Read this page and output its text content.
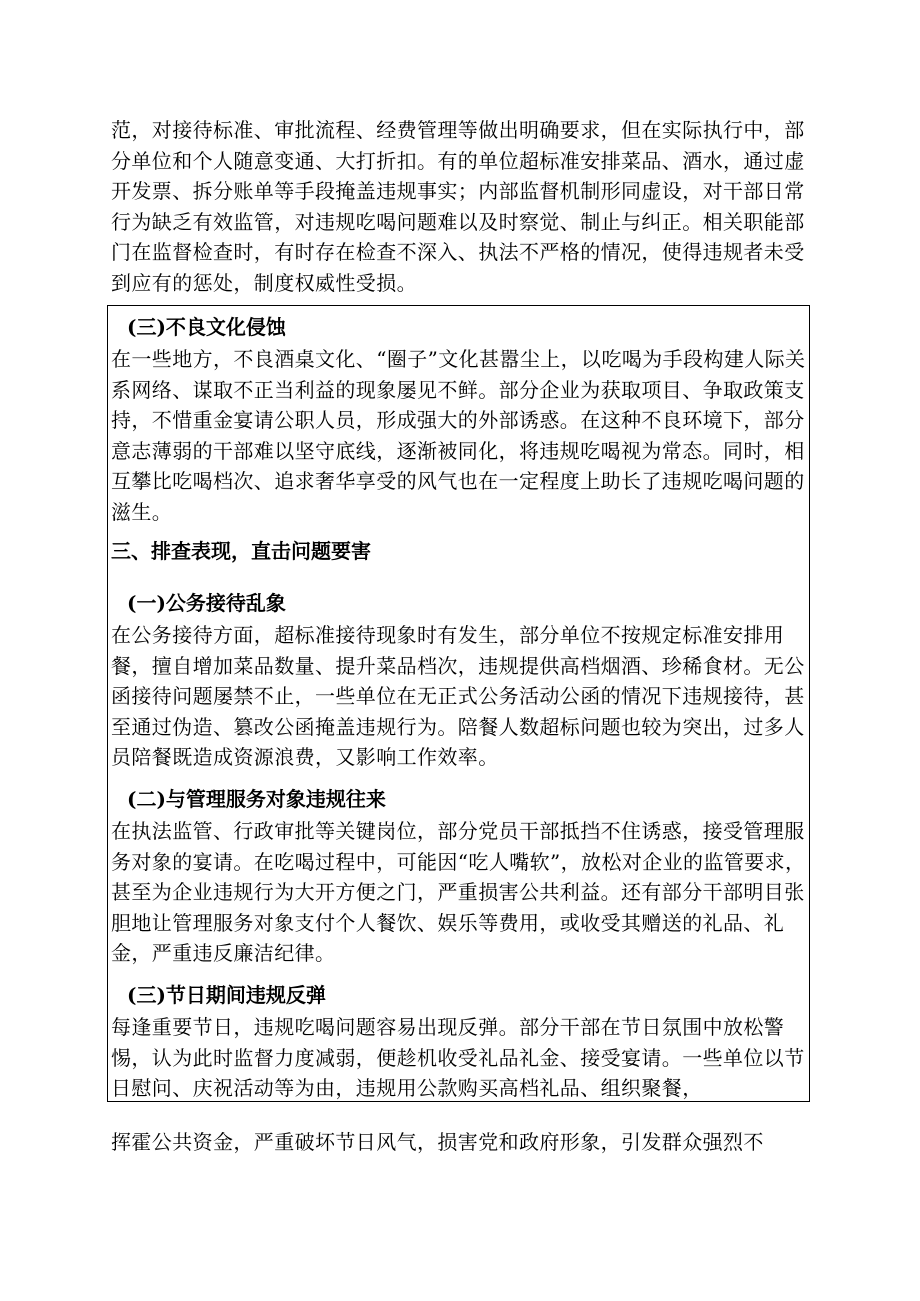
范，对接待标准、审批流程、经费管理等做出明确要求，但在实际执行中，部分单位和个人随意变通、大打折扣。有的单位超标准安排菜品、酒水，通过虚开发票、拆分账单等手段掩盖违规事实；内部监督机制形同虚设，对干部日常行为缺乏有效监管，对违规吃喝问题难以及时察觉、制止与纠正。相关职能部门在监督检查时，有时存在检查不深入、执法不严格的情况，使得违规者未受到应有的惩处，制度权威性受损。

(三)不良文化侵蚀

在一些地方，不良酒桌文化、“圈子”文化甚嚣尘上，以吃喝为手段构建人际关系网络、谋取不正当利益的现象屡见不鲜。部分企业为获取项目、争取政策支持，不惜重金宴请公职人员，形成强大的外部诱惑。在这种不良环境下，部分意志薄弱的干部难以坚守底线，逐渐被同化，将违规吃喝视为常态。同时，相互攀比吃喝档次、追求奢华享受的风气也在一定程度上助长了违规吃喝问题的滋生。

三、排查表现，直击问题要害
(一)公务接待乱象

在公务接待方面，超标准接待现象时有发生，部分单位不按规定标准安排用餐，擅自增加菜品数量、提升菜品档次，违规提供高档烟酒、珍稀食材。无公函接待问题屡禁不止，一些单位在无正式公务活动公函的情况下违规接待，甚至通过伪造、篡改公函掩盖违规行为。陪餐人数超标问题也较为突出，过多人员陪餐既造成资源浪费，又影响工作效率。

(二)与管理服务对象违规往来

在执法监管、行政审批等关键岗位，部分党员干部抵挡不住诱惑，接受管理服务对象的宴请。在吃喝过程中，可能因“吃人嘴软”，放松对企业的监管要求，甚至为企业违规行为大开方便之门，严重损害公共利益。还有部分干部明目张胆地让管理服务对象支付个人餐饮、娱乐等费用，或收受其赠送的礼品、礼金，严重违反廉洁纪律。

(三)节日期间违规反弹

每逢重要节日，违规吃喝问题容易出现反弹。部分干部在节日氛围中放松警惕，认为此时监督力度减弱，便趁机收受礼品礼金、接受宴请。一些单位以节日慰问、庆祝活动等为由，违规用公款购买高档礼品、组织聚餐，

挥霍公共资金，严重破坏节日风气，损害党和政府形象，引发群众强烈不
